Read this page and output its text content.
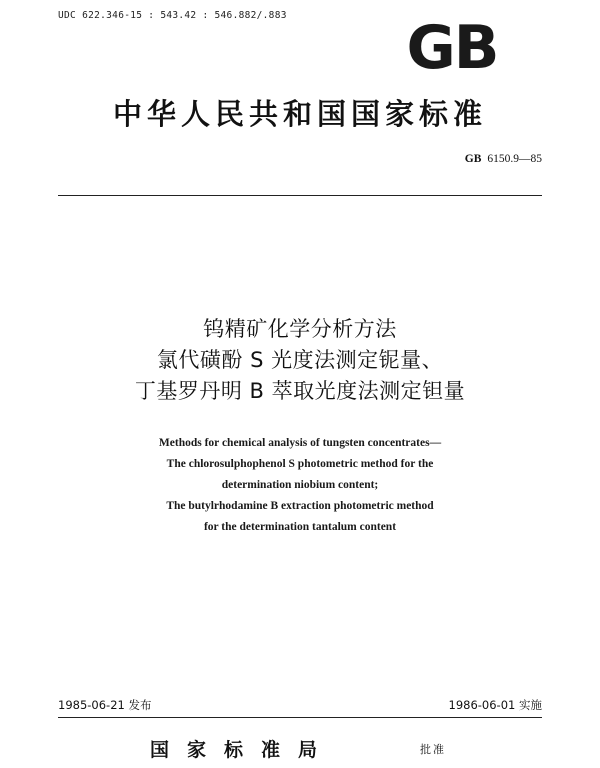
UDC 622.346-15 : 543.42 : 546.882/.883 GB
中华人民共和国国家标准
GB 6150.9—85
钨精矿化学分析方法
氯代磺酚 S 光度法测定铌量、
丁基罗丹明 B 萃取光度法测定钽量
Methods for chemical analysis of tungsten concentrates—
The chlorosulphophenol S photometric method for the
determination niobium content;
The butylrhodamine B extraction photometric method
for the determination tantalum content
1985-06-21 发布	1986-06-01 实施
国家标准局	批准
